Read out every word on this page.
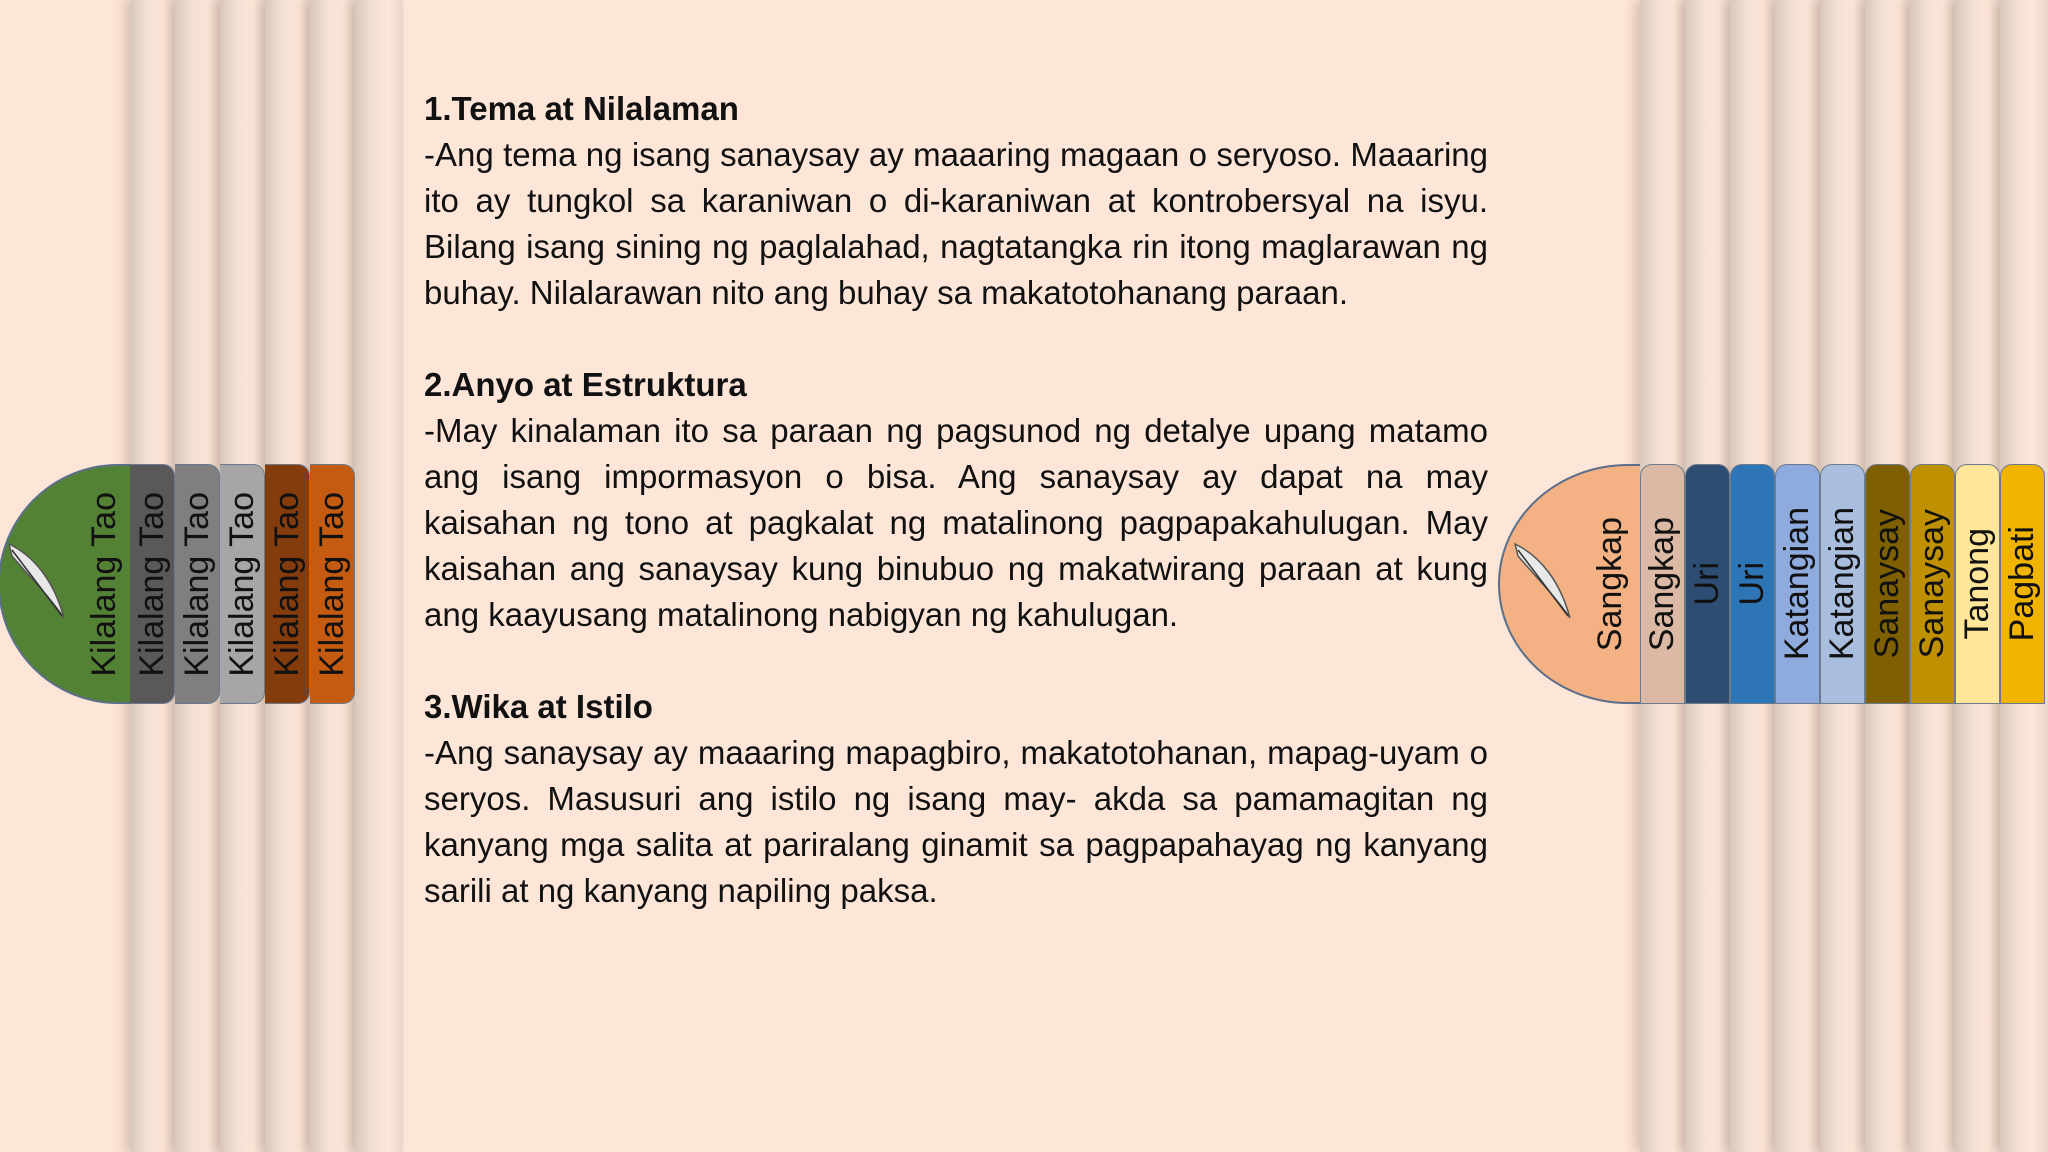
Kilalang Tao Kilalang Tao Kilalang Tao Kilalang Tao Kilalang Tao Kilalang Tao	Sangkap Sangkap Uri Uri Katangian Katangian Sanaysay Sanaysay Tanong Pagbati

1.Tema at Nilalaman

-Ang tema ng isang sanaysay ay maaaring magaan o seryoso. Maaaring ito ay tungkol sa karaniwan o di-karaniwan at kontrobersyal na isyu. Bilang isang sining ng paglalahad, nagtatangka rin itong maglarawan ng buhay. Nilalarawan nito ang buhay sa makatotohanang paraan.

2.Anyo at Estruktura

-May kinalaman ito sa paraan ng pagsunod ng detalye upang matamo ang isang impormasyon o bisa. Ang sanaysay ay dapat na may kaisahan ng tono at pagkalat ng matalinong pagpapakahulugan. May kaisahan ang sanaysay kung binubuo ng makatwirang paraan at kung ang kaayusang matalinong nabigyan ng kahulugan.

3.Wika at Istilo

-Ang sanaysay ay maaaring mapagbiro, makatotohanan, mapag-uyam o seryos. Masusuri ang istilo ng isang may- akda sa pamamagitan ng kanyang mga salita at pariralang ginamit sa pagpapahayag ng kanyang sarili at ng kanyang napiling paksa.
